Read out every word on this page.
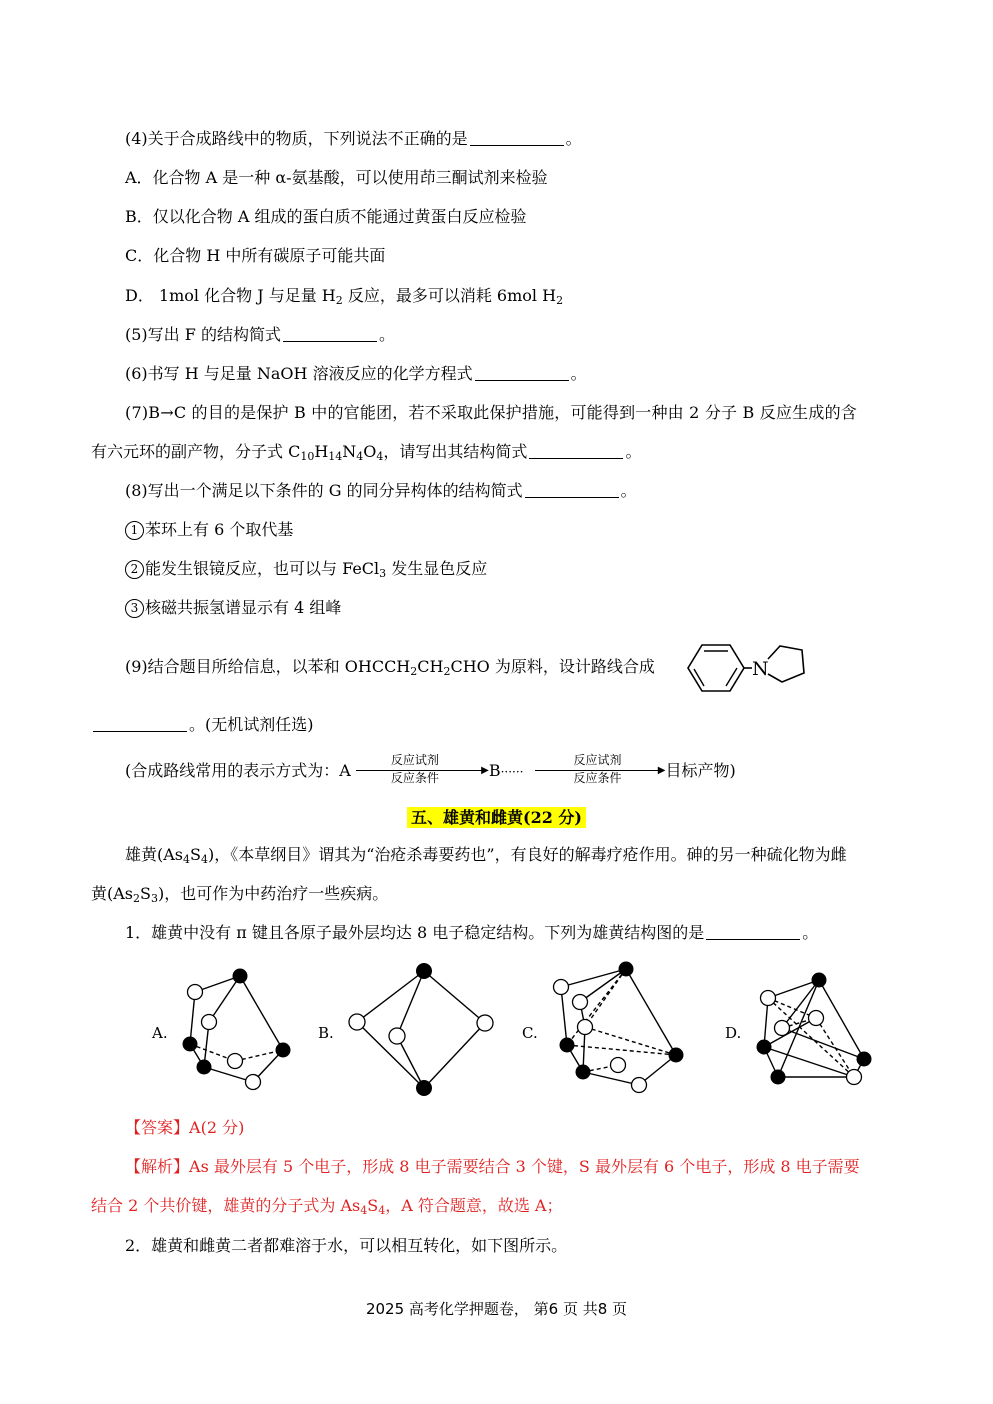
(4)关于合成路线中的物质，下列说法不正确的是	。
A．化合物 A 是一种 α-氨基酸，可以使用茚三酮试剂来检验
B．仅以化合物 A 组成的蛋白质不能通过黄蛋白反应检验
C．化合物 H 中所有碳原子可能共面
D． 1mol 化合物 J 与足量 $H_2$ 反应，最多可以消耗 6mol $H_2$
(5)写出 F 的结构简式	。
(6)书写 H 与足量 NaOH 溶液反应的化学方程式	。
(7)B→C 的目的是保护 B 中的官能团，若不采取此保护措施，可能得到一种由 2 分子 B 反应生成的含
有六元环的副产物，分子式 $C_{10}H_{14}N_4O_4$，请写出其结构简式	。
(8)写出一个满足以下条件的 G 的同分异构体的结构简式	。
1 苯环上有 6 个取代基
2 能发生银镜反应，也可以与 FeCl$_3$ 发生显色反应
3 核磁共振氢谱显示有 4 组峰
(9)结合题目所给信息，以苯和 $OHCCH_2CH_2CHO$ 为原料，设计路线合成	N
。(无机试剂任选)
(合成路线常用的表示方式为：A
反应试剂
▶
反应条件	B······
反应试剂
▶
反应条件	目标产物)
五、雄黄和雌黄(22 分)
雄黄$(As_4S_4)$，《本草纲目》谓其为“治疮杀毒要药也”，有良好的解毒疗疮作用。砷的另一种硫化物为雌
黄$(As_2S_3)$，也可作为中药治疗一些疾病。
1．雄黄中没有 π 键且各原子最外层均达 8 电子稳定结构。下列为雄黄结构图的是	。
A.	B.	C.	D.
【答案】A(2 分)
【解析】As 最外层有 5 个电子，形成 8 电子需要结合 3 个键，S 最外层有 6 个电子，形成 8 电子需要
结合 2 个共价键，雄黄的分子式为 $As_4S_4$，A 符合题意，故选 A；
2．雄黄和雌黄二者都难溶于水，可以相互转化，如下图所示。
2025 高考化学押题卷， 第6 页 共8 页
